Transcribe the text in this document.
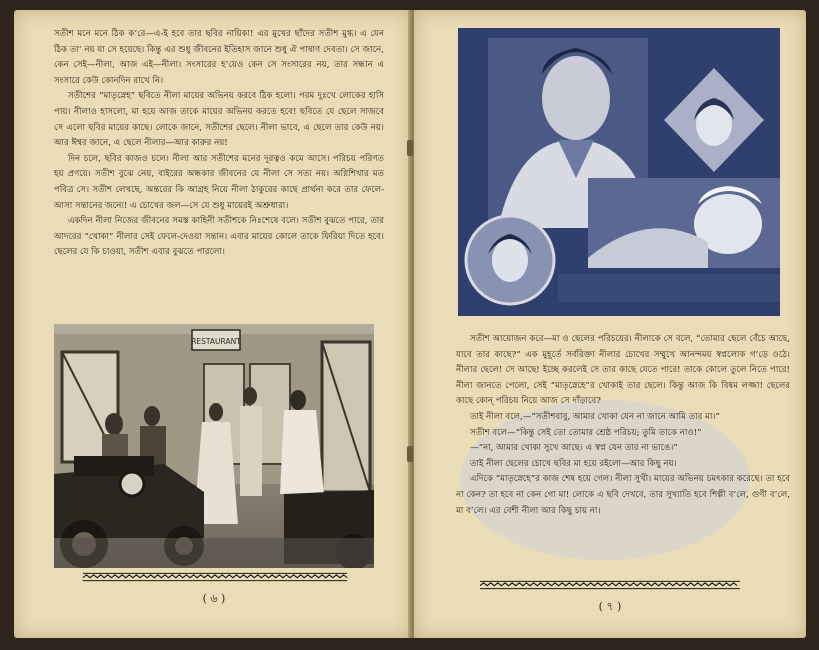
সতীশ মনে মনে ঠিক ক’রে—এ-ই হবে তার ছবির নায়িকা! এর মুখের ছাঁদের সতীশ মুগ্ধ। এ যেন ঠিক তা’ নয় যা সে হয়েছে। কিন্তু এর শুধু জীবনের ইতিহাস জানে শুধু ঐ পাষাণ দেবতা। সে জানে, কেন সেই—নীলা, আজ এই—নীলা। সংসারের হ’য়েও কেন সে সংসারের নয়, তার সন্ধান এ সংসারে কেউ কোনদিন রাখে নি।

সতীশের “মাতৃস্নেহ” ছবিতে নীলা মায়ের অভিনয় করবে ঠিক হলো। পরম দুঃখে লোকের হাসি পায়। নীলাও হাসলো, মা হয়ে আজ তাকে মায়ের অভিনয় করতে হবে! ছবিতে যে ছেলে সাজবে সে এলো ছবির মায়ের কাছে। লোকে জানে, সতীশের ছেলে। নীলা ভাবে, এ ছেলে তার কেউ নয়। আর ঈশ্বর জানে, এ ছেলে নীলার—আর কারুর নয়!

দিন চলে, ছবির কাজও চলে। নীলা আর সতীশের মনের দূরত্বও কমে আসে। পরিচয় পরিণত হয় প্রণয়ে। সতীশ বুঝে নেয়, বাইরের অন্ধকার জীবনের যে নীলা সে সত্য নয়। অগ্নিশিখার মত পবিত্র সে। সতীশ লেখছে, অন্তরের কি আগ্রহ নিয়ে নীলা ঠাকুরের কাছে প্রার্থনা করে তার ফেলে-আসা সন্তানের জন্যে! এ চোখের জল—সে যে শুধু মায়েরই অশ্রুধারা।

একদিন নীলা নিজের জীবনের সমস্ত কাহিনী সতীশকে নিঃশেষে বলে। সতীশ বুঝতে পারে, তার আদরের “খোকা” নীলার সেই ফেলে-দেওয়া সন্তান। এবার মায়ের কোলে তাকে ফিরিয়া দিতে হবে। ছেলের যে কি চাওয়া, সতীশ এবার বুঝতে পারলো।

RESTAURANT
( ৬ )

সতীশ আয়োজন করে—মা ও ছেলের পরিচয়ের। নীলাকে সে বলে, “তোমার ছেলে বেঁচে আছে, যাবে তার কাছে?” এক মুহূর্তে সর্বরিক্তা নীলার চোখের সম্মুখে আনন্দময় স্বপ্নলোক গ’ড়ে ওঠে। নীলার ছেলে! সে আছে! ইচ্ছে করলেই সে তার কাছে যেতে পারে! তাকে কোলে তুলে নিতে পারে! নীলা জানতে পেলো, সেই “মাতৃস্নেহে”র খোকাই তার ছেলে। কিন্তু আজ কি বিষম লজ্জা! ছেলের কাছে কোন্ পরিচয় নিয়ে আজ সে দাঁড়াবে?

তাই নীলা বলে,—“সতীশবাবু, আমার খোকা যেন না জানে আমি তার মা।”

সতীশ বলে—“কিন্তু সেই তো তোমার শ্রেষ্ঠ পরিচয়; তুমি তাকে নাও!”

—“না, আমার খোকা সুখে আছে। এ স্বপ্ন যেন তার না ভাঙে।”

তাই নীলা ছেলের চোখে ছবির মা হয়ে রইলো—আর কিছু নয়।

এদিকে “মাতৃস্নেহে”র কাজ শেষ হয়ে গেল। নীলা সুখী। মায়ের অভিনয় চমৎকার করেছে। তা হবে না কেন? তা হবে না কেন গো মা! লোকে এ ছবি দেখবে, তার সুখ্যাতি হবে শিল্পী ব’লে, গুণী ব’লে, মা ব’লে। এর বেশী নীলা আর কিছু চায় না।

( ৭ )
